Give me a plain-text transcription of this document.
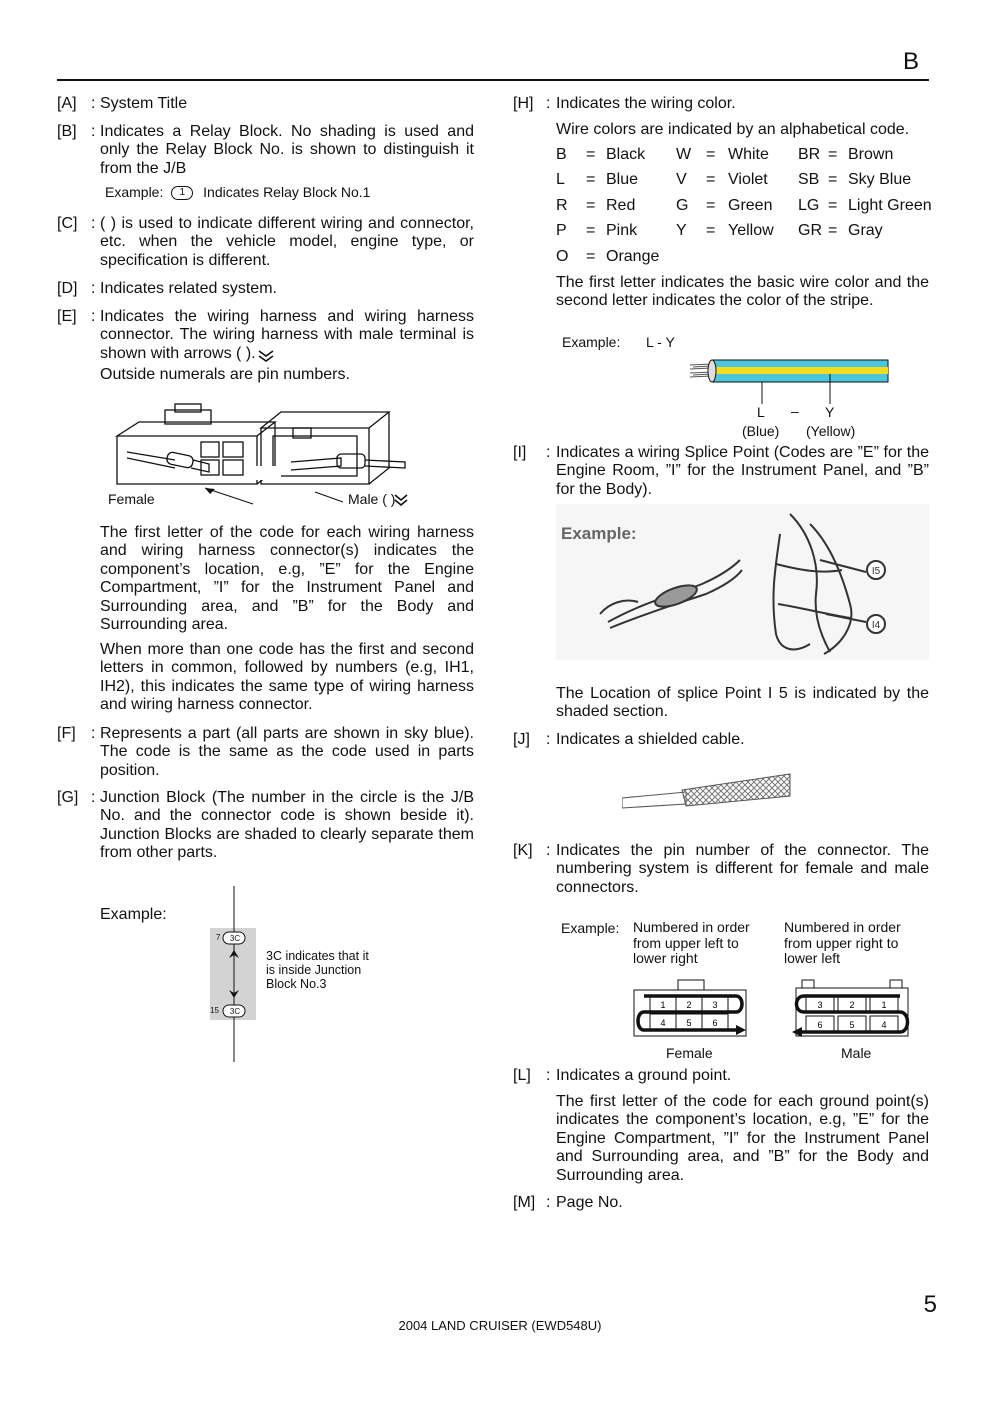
B
[A] : System Title
[B] : Indicates a Relay Block. No shading is used and only the Relay Block No. is shown to distinguish it from the J/B
Example: 1 Indicates Relay Block No.1
[C] : ( ) is used to indicate different wiring and connector, etc. when the vehicle model, engine type, or specification is different.
[D] : Indicates related system.
[E] : Indicates the wiring harness and wiring harness connector. The wiring harness with male terminal is shown with arrows ( ).
Outside numerals are pin numbers.
Female	Male ( )
The first letter of the code for each wiring harness and wiring harness connector(s) indicates the component’s location, e.g, ”E” for the Engine Compartment, ”I” for the Instrument Panel and Surrounding area, and ”B” for the Body and Surrounding area.
When more than one code has the first and second letters in common, followed by numbers (e.g, IH1, IH2), this indicates the same type of wiring harness and wiring harness connector.
[F] : Represents a part (all parts are shown in sky blue). The code is the same as the code used in parts position.
[G] : Junction Block (The number in the circle is the J/B No. and the connector code is shown beside it). Junction Blocks are shaded to clearly separate them from other parts.
Example:
7 3C
15 3C
3C indicates that it is inside Junction Block No.3
[H] : Indicates the wiring color.
Wire colors are indicated by an alphabetical code.
B	=	Black	W	=	White	BR	=	Brown
L	=	Blue	V	=	Violet	SB	=	Sky Blue
R	=	Red	G	=	Green	LG	=	Light Green
P	=	Pink	Y	=	Yellow	GR	=	Gray
O	=	Orange						
The first letter indicates the basic wire color and the second letter indicates the color of the stripe.
Example: L - Y
L – Y
(Blue) (Yellow)
[I] : Indicates a wiring Splice Point (Codes are ”E” for the Engine Room, ”I” for the Instrument Panel, and ”B” for the Body).
Example:
I5
I4
The Location of splice Point I 5 is indicated by the shaded section.
[J] : Indicates a shielded cable.
[K] : Indicates the pin number of the connector. The numbering system is different for female and male connectors.
Example: Numbered in order from upper left to lower right
Numbered in order from upper right to lower left
1 2 3
4 5 6
3	2	1
6	5	4
Female	Male
[L] : Indicates a ground point.
The first letter of the code for each ground point(s) indicates the component’s location, e.g, ”E” for the Engine Compartment, ”I” for the Instrument Panel and Surrounding area, and ”B” for the Body and Surrounding area.
[M] : Page No.
5
2004 LAND CRUISER (EWD548U)
